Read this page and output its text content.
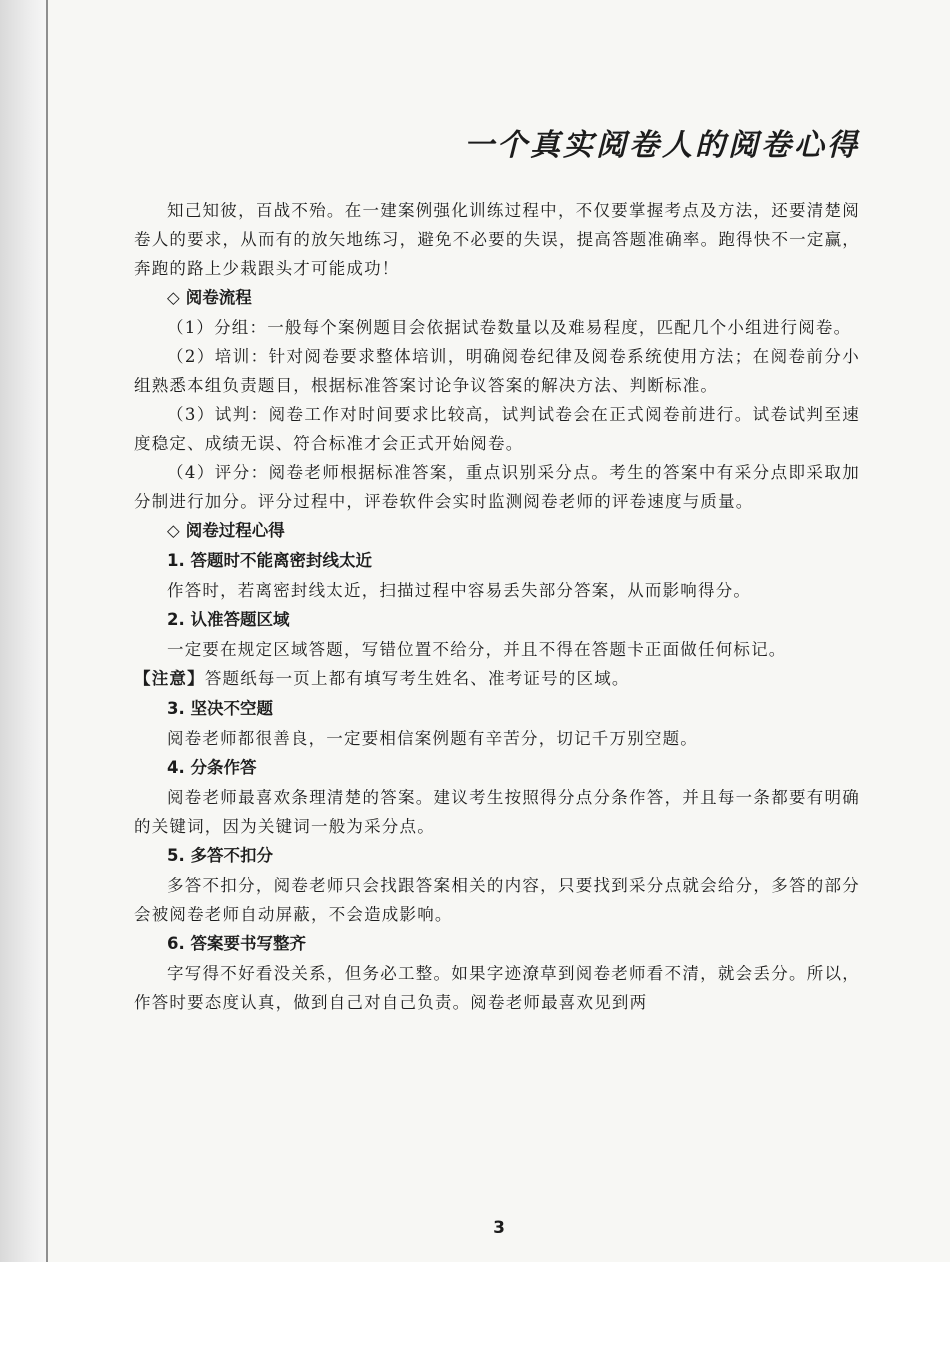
一个真实阅卷人的阅卷心得

知己知彼，百战不殆。在一建案例强化训练过程中，不仅要掌握考点及方法，还要清楚阅卷人的要求，从而有的放矢地练习，避免不必要的失误，提高答题准确率。跑得快不一定赢，奔跑的路上少栽跟头才可能成功！

◇ 阅卷流程

（1）分组：一般每个案例题目会依据试卷数量以及难易程度，匹配几个小组进行阅卷。

（2）培训：针对阅卷要求整体培训，明确阅卷纪律及阅卷系统使用方法；在阅卷前分小组熟悉本组负责题目，根据标准答案讨论争议答案的解决方法、判断标准。

（3）试判：阅卷工作对时间要求比较高，试判试卷会在正式阅卷前进行。试卷试判至速度稳定、成绩无误、符合标准才会正式开始阅卷。

（4）评分：阅卷老师根据标准答案，重点识别采分点。考生的答案中有采分点即采取加分制进行加分。评分过程中，评卷软件会实时监测阅卷老师的评卷速度与质量。

◇ 阅卷过程心得

1. 答题时不能离密封线太近

作答时，若离密封线太近，扫描过程中容易丢失部分答案，从而影响得分。

2. 认准答题区域

一定要在规定区域答题，写错位置不给分，并且不得在答题卡正面做任何标记。

【注意】答题纸每一页上都有填写考生姓名、准考证号的区域。

3. 坚决不空题

阅卷老师都很善良，一定要相信案例题有辛苦分，切记千万别空题。

4. 分条作答

阅卷老师最喜欢条理清楚的答案。建议考生按照得分点分条作答，并且每一条都要有明确的关键词，因为关键词一般为采分点。

5. 多答不扣分

多答不扣分，阅卷老师只会找跟答案相关的内容，只要找到采分点就会给分，多答的部分会被阅卷老师自动屏蔽，不会造成影响。

6. 答案要书写整齐

字写得不好看没关系，但务必工整。如果字迹潦草到阅卷老师看不清，就会丢分。所以，作答时要态度认真，做到自己对自己负责。阅卷老师最喜欢见到两

3
